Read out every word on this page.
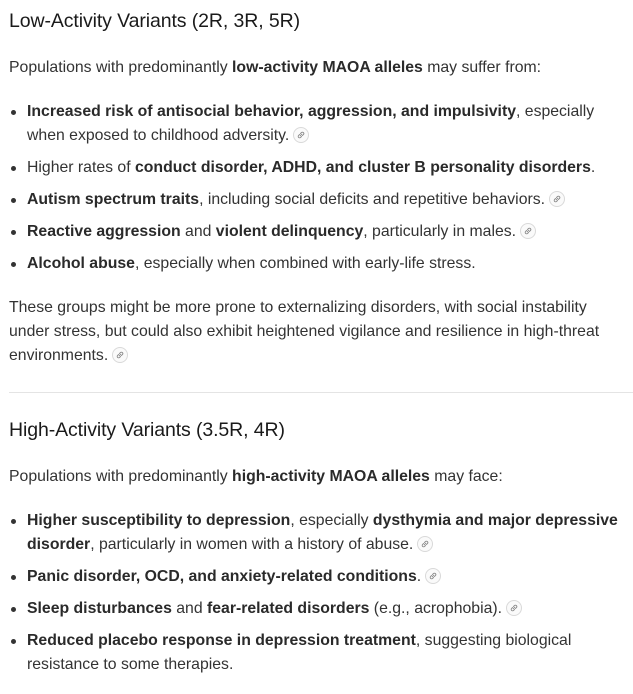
Low-Activity Variants (2R, 3R, 5R)

Populations with predominantly low-activity MAOA alleles may suffer from:

Increased risk of antisocial behavior, aggression, and impulsivity, especially when exposed to childhood adversity.
Higher rates of conduct disorder, ADHD, and cluster B personality disorders.
Autism spectrum traits, including social deficits and repetitive behaviors.
Reactive aggression and violent delinquency, particularly in males.
Alcohol abuse, especially when combined with early-life stress.

These groups might be more prone to externalizing disorders, with social instability under stress, but could also exhibit heightened vigilance and resilience in high-threat environments.

High-Activity Variants (3.5R, 4R)

Populations with predominantly high-activity MAOA alleles may face:

Higher susceptibility to depression, especially dysthymia and major depressive disorder, particularly in women with a history of abuse.
Panic disorder, OCD, and anxiety-related conditions.
Sleep disturbances and fear-related disorders (e.g., acrophobia).
Reduced placebo response in depression treatment, suggesting biological resistance to some therapies.
